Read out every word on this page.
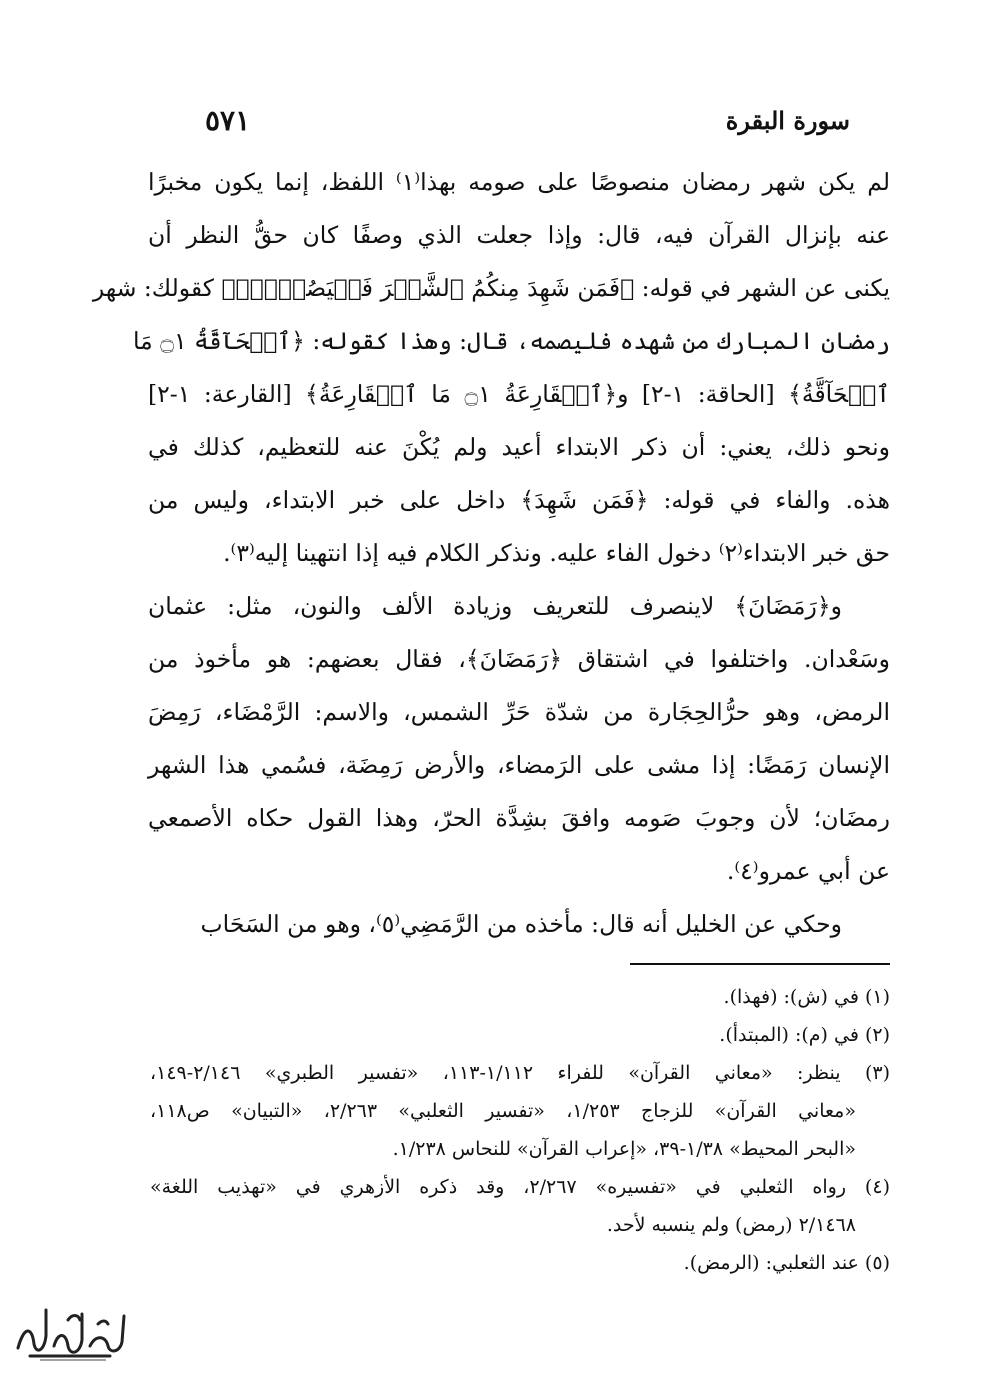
سورة البقرة
٥٧١
لم يكن شهر رمضان منصوصًا على صومه بهذا⁽١⁾ اللفظ، إنما يكون مخبرًا
عنه بإنزال القرآن فيه، قال: وإذا جعلت الذي وصفًا كان حقُّ النظر أن
يكنى عن الشهر في قوله: ﴿فَمَن شَهِدَ مِنكُمُ ٱلشَّهۡرَ فَلۡيَصُمۡهُۖ﴾ كقولك: شهر
رمضان المبارك من شهده فليصمه، قال: وهذا كقوله: ﴿ٱلۡحَآقَّةُ ۝١ مَا
ٱلۡحَآقَّةُ﴾ [الحاقة: ١-٢] و﴿ٱلۡقَارِعَةُ ۝١ مَا ٱلۡقَارِعَةُ﴾ [القارعة: ١-٢]
ونحو ذلك، يعني: أن ذكر الابتداء أعيد ولم يُكْنَ عنه للتعظيم، كذلك في
هذه. والفاء في قوله: ﴿فَمَن شَهِدَ﴾ داخل على خبر الابتداء، وليس من
حق خبر الابتداء⁽٢⁾ دخول الفاء عليه. ونذكر الكلام فيه إذا انتهينا إليه⁽٣⁾.
و﴿رَمَضَانَ﴾ لاينصرف للتعريف وزيادة الألف والنون، مثل: عثمان
وسَعْدان. واختلفوا في اشتقاق ﴿رَمَضَانَ﴾، فقال بعضهم: هو مأخوذ من
الرمض، وهو حرُّالحِجَارة من شدّة حَرِّ الشمس، والاسم: الرَّمْضَاء، رَمِضَ
الإنسان رَمَضًا: إذا مشى على الرَمضاء، والأرض رَمِضَة، فسُمي هذا الشهر
رمضَان؛ لأن وجوبَ صَومه وافقَ بشِدَّة الحرّ، وهذا القول حكاه الأصمعي
عن أبي عمرو⁽٤⁾.
وحكي عن الخليل أنه قال: مأخذه من الرَّمَضِي⁽٥⁾، وهو من السَحَاب
(١) في (ش): (فهذا).
(٢) في (م): (المبتدأ).
(٣) ينظر: «معاني القرآن» للفراء ١/١١٢-١١٣، «تفسير الطبري» ٢/١٤٦-١٤٩،
«معاني القرآن» للزجاج ١/٢٥٣، «تفسير الثعلبي» ٢/٢٦٣، «التبيان» ص١١٨،
«البحر المحيط» ١/٣٨-٣٩، «إعراب القرآن» للنحاس ١/٢٣٨.
(٤) رواه الثعلبي في «تفسيره» ٢/٢٦٧، وقد ذكره الأزهري في «تهذيب اللغة»
٢/١٤٦٨ (رمض) ولم ينسبه لأحد.
(٥) عند الثعلبي: (الرمض).
